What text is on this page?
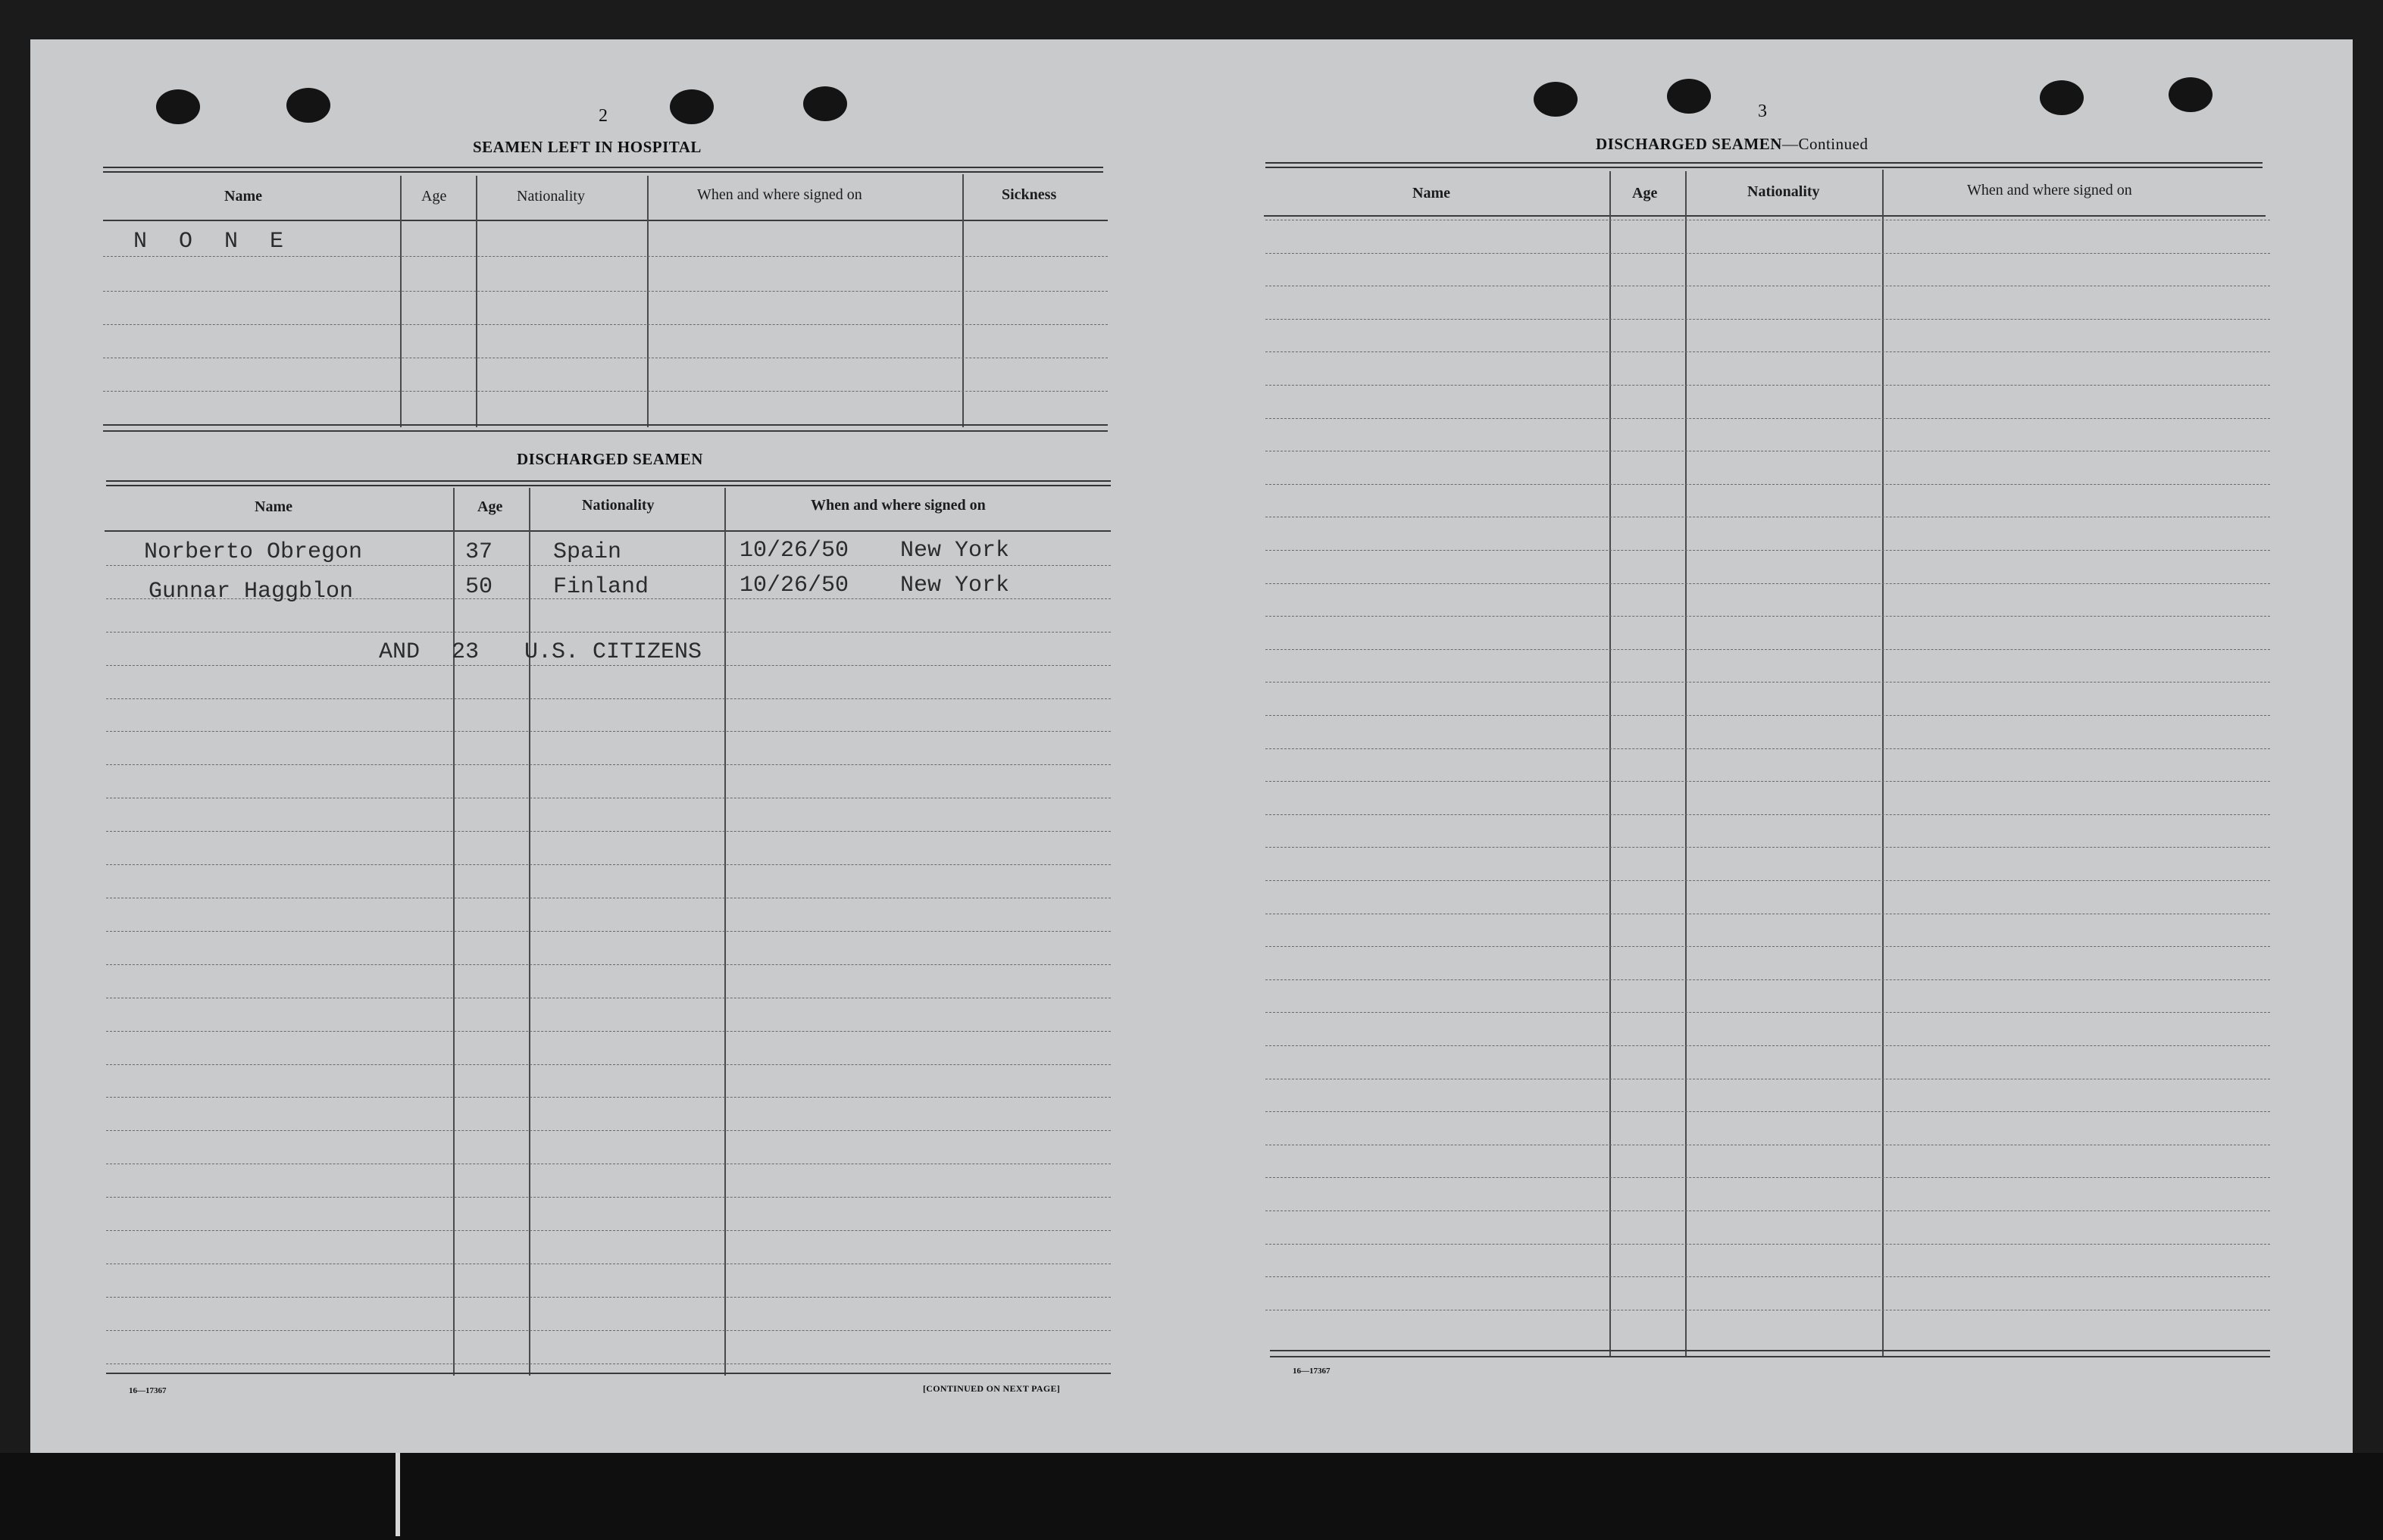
2
SEAMEN LEFT IN HOSPITAL
Name	Age	Nationality	When and where signed on	Sickness
N O N E
DISCHARGED SEAMEN
Name	Age	Nationality	When and where signed on
Norberto Obregon	37	Spain	10/26/50 New York
Gunnar Haggblon	50	Finland	10/26/50 New York
AND 23 U.S. CITIZENS
16—17367	[CONTINUED ON NEXT PAGE]
3
DISCHARGED SEAMEN—Continued
Name	Age	Nationality	When and where signed on
16—17367
